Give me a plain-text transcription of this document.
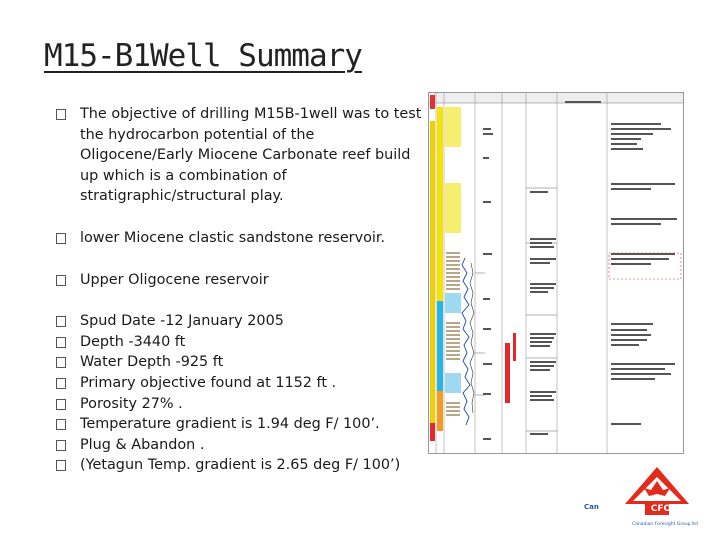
M15-B1Well Summary
The objective of drilling M15B-1well was to test the hydrocarbon potential of the Oligocene/Early Miocene Carbonate reef build up which is a combination of stratigraphic/structural play.
lower Miocene clastic sandstone reservoir.
Upper Oligocene reservoir
Spud Date -12 January 2005
Depth -3440 ft
Water Depth -925 ft
Primary objective found at 1152 ft .
Porosity 27% .
Temperature gradient is 1.94 deg F/ 100’.
Plug & Abandon .
(Yetagun Temp. gradient is 2.65 deg F/ 100’)
Can	CFO
Canadian Foresight Group ltd
